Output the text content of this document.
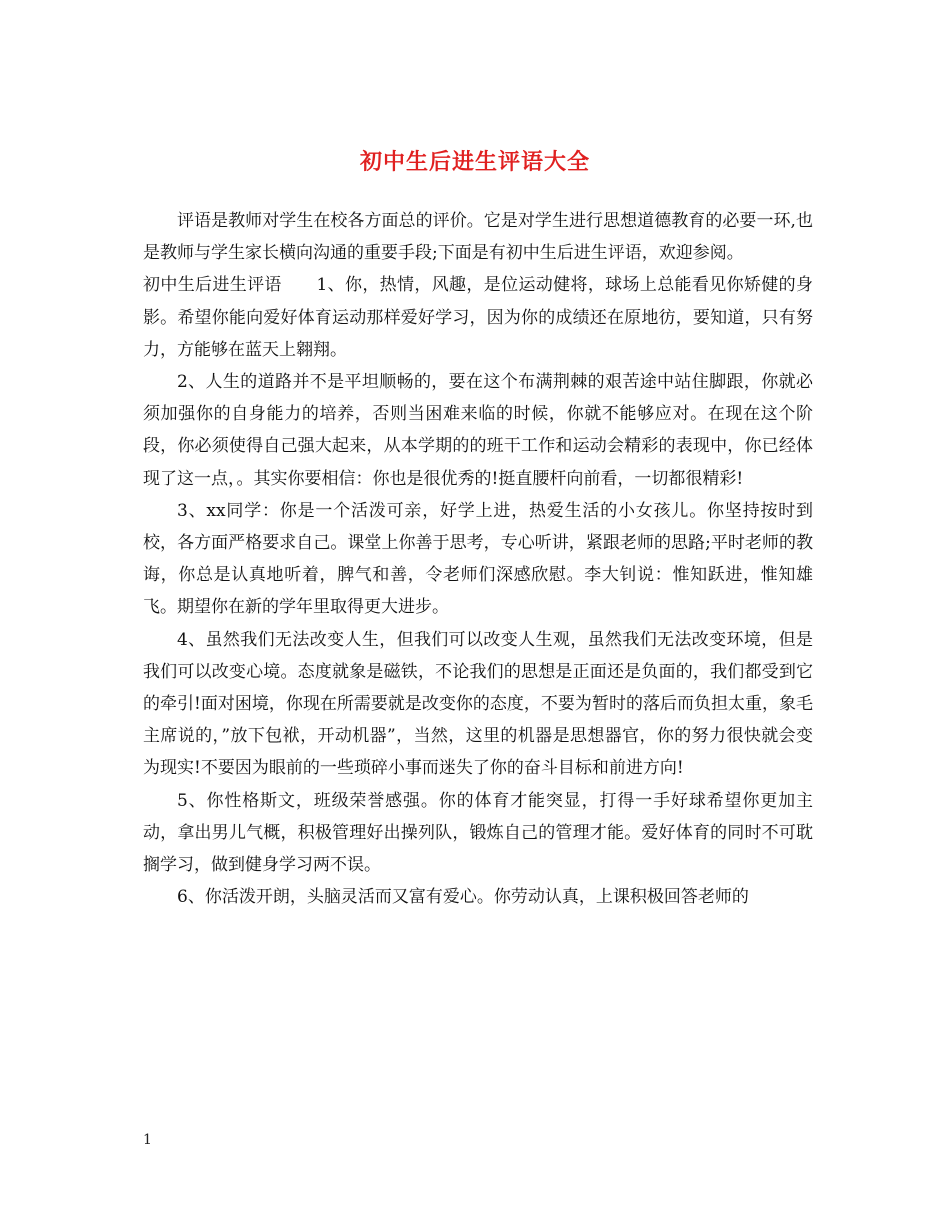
初中生后进生评语大全

评语是教师对学生在校各方面总的评价。它是对学生进行思想道德教育的必要一环,也是教师与学生家长横向沟通的重要手段;下面是有初中生后进生评语，欢迎参阅。

初中生后进生评语　　1、你，热情，风趣，是位运动健将，球场上总能看见你矫健的身影。希望你能向爱好体育运动那样爱好学习，因为你的成绩还在原地彷，要知道，只有努力，方能够在蓝天上翱翔。

2、人生的道路并不是平坦顺畅的，要在这个布满荆棘的艰苦途中站住脚跟，你就必须加强你的自身能力的培养，否则当困难来临的时候，你就不能够应对。在现在这个阶段，你必须使得自己强大起来，从本学期的的班干工作和运动会精彩的表现中，你已经体现了这一点，。其实你要相信：你也是很优秀的!挺直腰杆向前看，一切都很精彩!

3、xx同学：你是一个活泼可亲，好学上进，热爱生活的小女孩儿。你坚持按时到校，各方面严格要求自己。课堂上你善于思考，专心听讲，紧跟老师的思路;平时老师的教诲，你总是认真地听着，脾气和善，令老师们深感欣慰。李大钊说：惟知跃进，惟知雄飞。期望你在新的学年里取得更大进步。

4、虽然我们无法改变人生，但我们可以改变人生观，虽然我们无法改变环境，但是我们可以改变心境。态度就象是磁铁，不论我们的思想是正面还是负面的，我们都受到它的牵引!面对困境，你现在所需要就是改变你的态度，不要为暂时的落后而负担太重，象毛主席说的，”放下包袱，开动机器”，当然，这里的机器是思想器官，你的努力很快就会变为现实!不要因为眼前的一些琐碎小事而迷失了你的奋斗目标和前进方向!

5、你性格斯文，班级荣誉感强。你的体育才能突显，打得一手好球希望你更加主动，拿出男儿气概，积极管理好出操列队，锻炼自己的管理才能。爱好体育的同时不可耽搁学习，做到健身学习两不误。

6、你活泼开朗，头脑灵活而又富有爱心。你劳动认真，上课积极回答老师的

1
